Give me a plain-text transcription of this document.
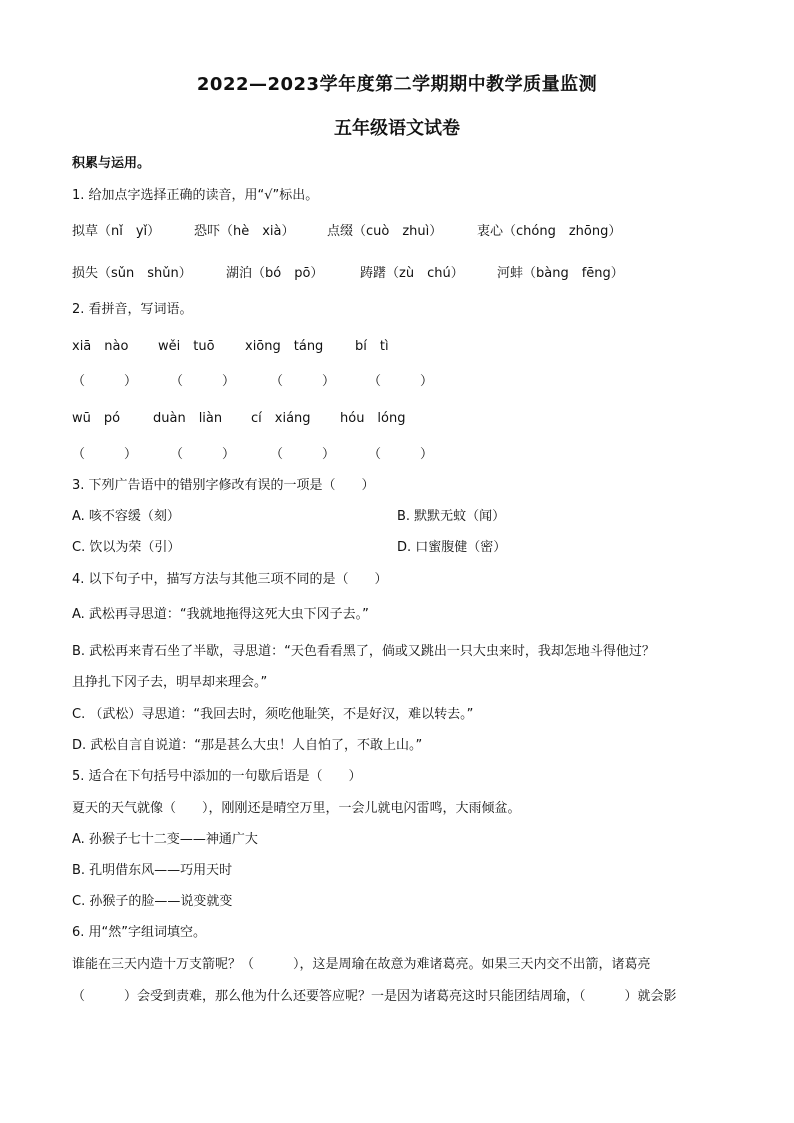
2022—2023学年度第二学期期中教学质量监测
五年级语文试卷
积累与运用。
1. 给加点字选择正确的读音，用“√”标出。
拟草（nǐ　yǐ）	恐吓（hè　xià） 点缀（cuò　zhuì）	衷心（chóng　zhōng）
损失（sǔn　shǔn）	湖泊（bó　pō）	踌躇（zù　chú）	河蚌（bàng　fēng）
2. 看拼音，写词语。
xiā　nào wěi　tuō xiōng　táng bí　tì
（　　　）	（　　　）	（　　　）	（　　　）
wū　pó	duàn　liàn cí　xiáng hóu　lóng
（　　　）	（　　　）	（　　　）	（　　　）
3. 下列广告语中的错别字修改有误的一项是（　　）
A. 咳不容缓（刻）	B. 默默无蚊（闻）
C. 饮以为荣（引）	D. 口蜜腹健（密）
4. 以下句子中，描写方法与其他三项不同的是（　　）
A. 武松再寻思道：“我就地拖得这死大虫下冈子去。”
B. 武松再来青石坐了半歇，寻思道：“天色看看黑了，倘或又跳出一只大虫来时，我却怎地斗得他过？
且挣扎下冈子去，明早却来理会。”
C. （武松）寻思道：“我回去时，须吃他耻笑，不是好汉，难以转去。”
D. 武松自言自说道：“那是甚么大虫！人自怕了，不敢上山。”
5. 适合在下句括号中添加的一句歇后语是（　　）
夏天的天气就像（　　），刚刚还是晴空万里，一会儿就电闪雷鸣，大雨倾盆。
A. 孙猴子七十二变——神通广大
B. 孔明借东风——巧用天时
C. 孙猴子的脸——说变就变
6. 用“然”字组词填空。
谁能在三天内造十万支箭呢？（　　　），这是周瑜在故意为难诸葛亮。如果三天内交不出箭，诸葛亮
（　　　）会受到责难，那么他为什么还要答应呢？一是因为诸葛亮这时只能团结周瑜，（　　　）就会影
